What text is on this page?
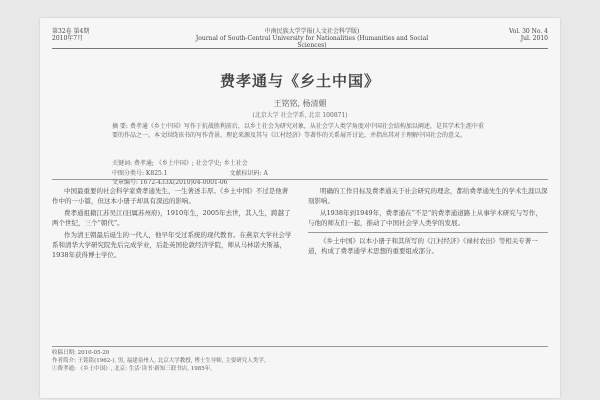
第32卷 第4期
2010年7月
中南民族大学学报(人文社会科学版)
Journal of South-Central University for Nationalities (Humanities and Social Sciences)
Vol. 30 No. 4
Jul. 2010
费孝通与《乡土中国》
王铭铭, 杨清媚
(北京大学 社会学系, 北京 100871)
摘 要: 费孝通《乡土中国》写作于抗战胜利前后，以乡土社会为研究对象，从社会学人类学角度对中国社会结构加以阐述，是其学术生涯中重要的作品之一。本文围绕该书的写作背景、理论来源及其与《江村经济》等著作的关系展开讨论，并指出其对于理解中国社会的意义。
关键词: 费孝通; 《乡土中国》; 社会学史; 乡土社会
中图分类号: K825.1	文献标识码: A 文章编号: 1672-433X(2010)04-0001-06

中国最重要的社会科学家费孝通先生，一生著述丰厚。《乡土中国》不过是他著作中的一小篇，但这本小册子却具有深远的影响。

费孝通祖籍江苏吴江(旧属苏州府)，1910年生，2005年去世，其人生，跨越了两个世纪，三个“朝代”。

作为清王朝最后诞生的一代人，他早年受过系统的现代教育。在燕京大学社会学系和清华大学研究院先后完成学业，后赴英国伦敦经济学院，师从马林诺夫斯基，1938年获得博士学位。

明确的工作目标及费孝通关于社会研究的理念，都给费孝通先生的学术生涯以深刻影响。

从1938年到1949年，费孝通在“不是”的费孝通道路上从事学术研究与写作，与他的师友们一起，推动了中国社会学人类学的发展。

《乡土中国》以本小册子和其所写的《江村经济》《禄村农田》等相关专著一道，构成了费孝通学术思想的重要组成部分。

收稿日期: 2010-05-20
作者简介: 王铭铭(1962-), 男, 福建泉州人, 北京大学教授, 博士生导师, 主要研究人类学。
①费孝通: 《乡土中国》, 北京: 生活·读书·新知三联书店, 1985年。
